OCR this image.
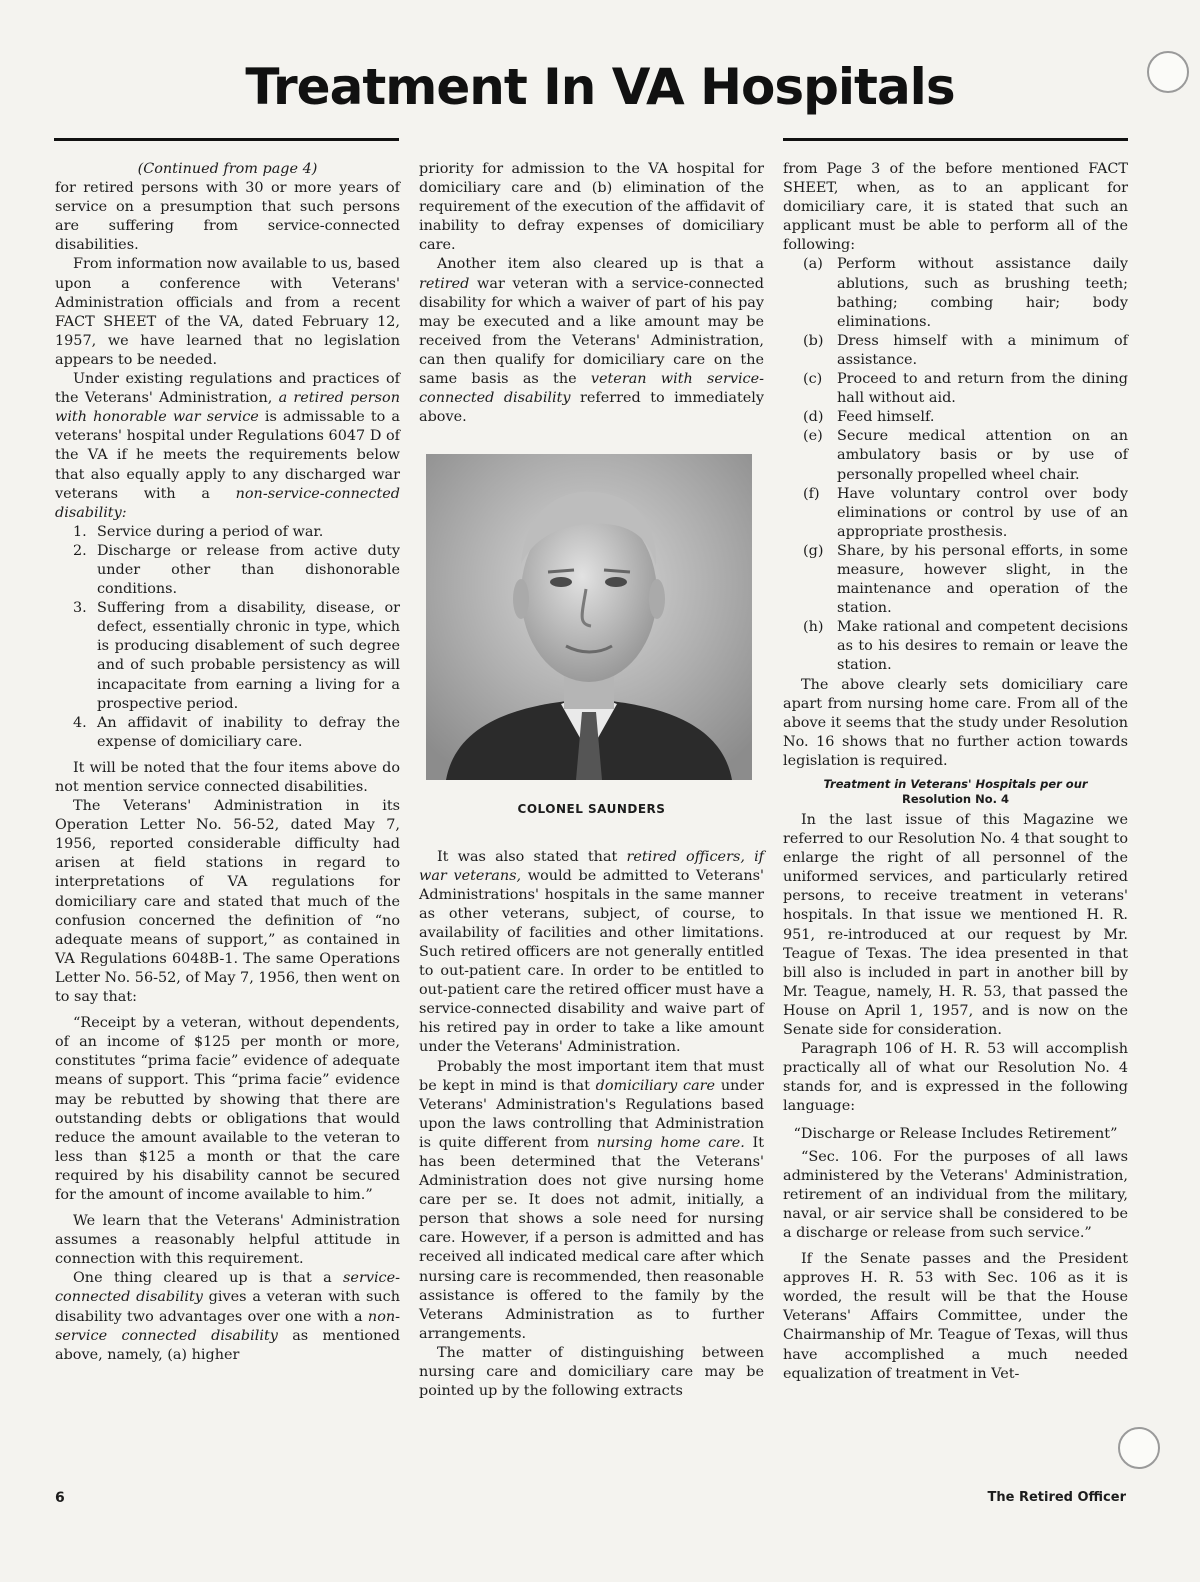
Treatment In VA Hospitals

(Continued from page 4)

for retired persons with 30 or more years of service on a presumption that such persons are suffering from service-connected disabilities.

From information now available to us, based upon a conference with Veterans' Administration officials and from a recent FACT SHEET of the VA, dated February 12, 1957, we have learned that no legislation appears to be needed.

Under existing regulations and practices of the Veterans' Administration, a retired person with honorable war service is admissable to a veterans' hospital under Regulations 6047 D of the VA if he meets the requirements below that also equally apply to any discharged war veterans with a non-service-connected disability:

1. Service during a period of war.
2. Discharge or release from active duty under other than dishonorable conditions.
3. Suffering from a disability, disease, or defect, essentially chronic in type, which is producing disablement of such degree and of such probable persistency as will incapacitate from earning a living for a prospective period.
4. An affidavit of inability to defray the expense of domiciliary care.

It will be noted that the four items above do not mention service connected disabilities.

The Veterans' Administration in its Operation Letter No. 56-52, dated May 7, 1956, reported considerable difficulty had arisen at field stations in regard to interpretations of VA regulations for domiciliary care and stated that much of the confusion concerned the definition of “no adequate means of support,” as contained in VA Regulations 6048B-1. The same Operations Letter No. 56-52, of May 7, 1956, then went on to say that:

“Receipt by a veteran, without dependents, of an income of $125 per month or more, constitutes “prima facie” evidence of adequate means of support. This “prima facie” evidence may be rebutted by showing that there are outstanding debts or obligations that would reduce the amount available to the veteran to less than $125 a month or that the care required by his disability cannot be secured for the amount of income available to him.”

We learn that the Veterans' Administration assumes a reasonably helpful attitude in connection with this requirement.

One thing cleared up is that a service-connected disability gives a veteran with such disability two advantages over one with a non-service connected disability as mentioned above, namely, (a) higher

priority for admission to the VA hospital for domiciliary care and (b) elimination of the requirement of the execution of the affidavit of inability to defray expenses of domiciliary care.

Another item also cleared up is that a retired war veteran with a service-connected disability for which a waiver of part of his pay may be executed and a like amount may be received from the Veterans' Administration, can then qualify for domiciliary care on the same basis as the veteran with service-connected disability referred to immediately above.

COLONEL SAUNDERS

It was also stated that retired officers, if war veterans, would be admitted to Veterans' Administrations' hospitals in the same manner as other veterans, subject, of course, to availability of facilities and other limitations. Such retired officers are not generally entitled to out-patient care. In order to be entitled to out-patient care the retired officer must have a service-connected disability and waive part of his retired pay in order to take a like amount under the Veterans' Administration.

Probably the most important item that must be kept in mind is that domiciliary care under Veterans' Administration's Regulations based upon the laws controlling that Administration is quite different from nursing home care. It has been determined that the Veterans' Administration does not give nursing home care per se. It does not admit, initially, a person that shows a sole need for nursing care. However, if a person is admitted and has received all indicated medical care after which nursing care is recommended, then reasonable assistance is offered to the family by the Veterans Administration as to further arrangements.

The matter of distinguishing between nursing care and domiciliary care may be pointed up by the following extracts

from Page 3 of the before mentioned FACT SHEET, when, as to an applicant for domiciliary care, it is stated that such an applicant must be able to perform all of the following:

(a) Perform without assistance daily ablutions, such as brushing teeth; bathing; combing hair; body eliminations.
(b) Dress himself with a minimum of assistance.
(c) Proceed to and return from the dining hall without aid.
(d) Feed himself.
(e) Secure medical attention on an ambulatory basis or by use of personally propelled wheel chair.
(f) Have voluntary control over body eliminations or control by use of an appropriate prosthesis.
(g) Share, by his personal efforts, in some measure, however slight, in the maintenance and operation of the station.
(h) Make rational and competent decisions as to his desires to remain or leave the station.

The above clearly sets domiciliary care apart from nursing home care. From all of the above it seems that the study under Resolution No. 16 shows that no further action towards legislation is required.

Treatment in Veterans' Hospitals per our
Resolution No. 4

In the last issue of this Magazine we referred to our Resolution No. 4 that sought to enlarge the right of all personnel of the uniformed services, and particularly retired persons, to receive treatment in veterans' hospitals. In that issue we mentioned H. R. 951, re-introduced at our request by Mr. Teague of Texas. The idea presented in that bill also is included in part in another bill by Mr. Teague, namely, H. R. 53, that passed the House on April 1, 1957, and is now on the Senate side for consideration.

Paragraph 106 of H. R. 53 will accomplish practically all of what our Resolution No. 4 stands for, and is expressed in the following language:

“Discharge or Release Includes Retirement”

“Sec. 106. For the purposes of all laws administered by the Veterans' Administration, retirement of an individual from the military, naval, or air service shall be considered to be a discharge or release from such service.”

If the Senate passes and the President approves H. R. 53 with Sec. 106 as it is worded, the result will be that the House Veterans' Affairs Committee, under the Chairmanship of Mr. Teague of Texas, will thus have accomplished a much needed equalization of treatment in Vet-

6	The Retired Officer
